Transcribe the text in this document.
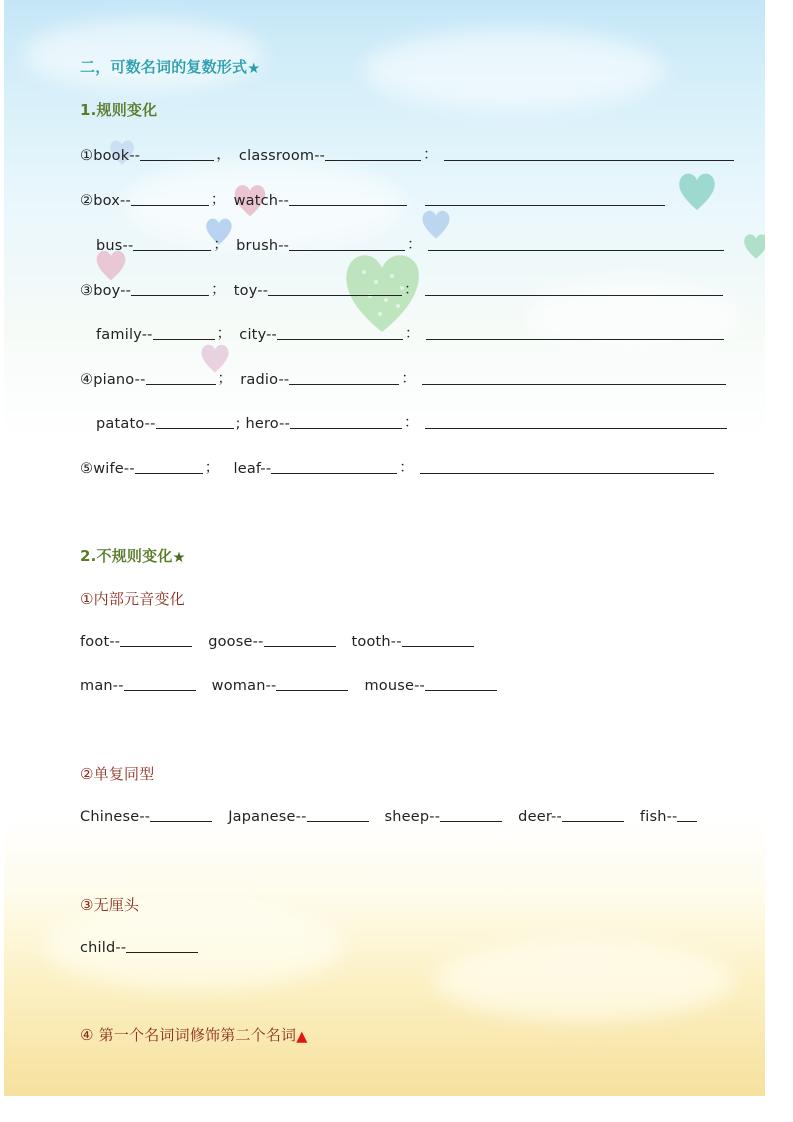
二，可数名词的复数形式★
1.规则变化
①book--	， classroom--	：
②box--	； watch--
bus--	； brush--	：
③boy--	； toy--	：
family--	； city--	：
④piano--	； radio--	：
patato--	; hero--	：
⑤wife--	； leaf--	：
2.不规则变化★
①内部元音变化
foot--	goose--	tooth--
man--	woman--	mouse--
②单复同型
Chinese--	Japanese--	sheep--	deer--	fish--
③无厘头
child--
④ 第一个名词词修饰第二个名词▲
